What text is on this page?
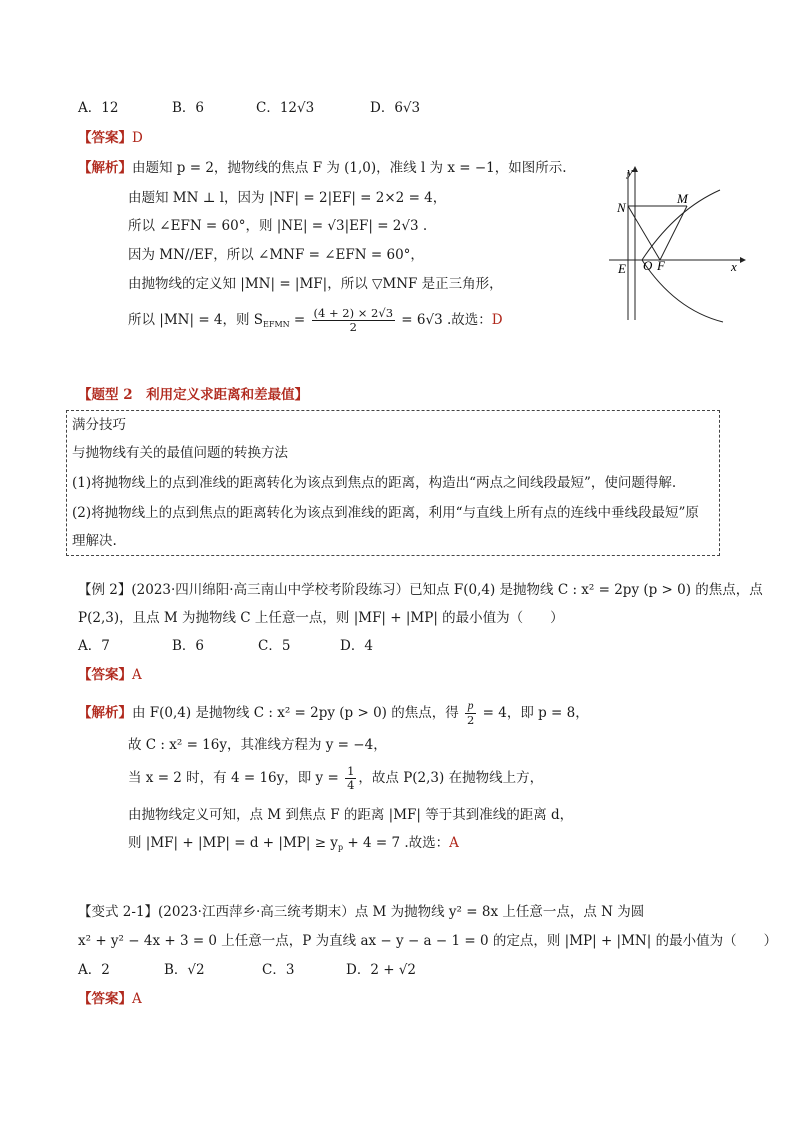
A．12	B．6	C．12√3	D．6√3
【答案】D
【解析】由题知 p = 2，抛物线的焦点 F 为 (1,0)，准线 l 为 x = −1，如图所示.
由题知 MN ⊥ l，因为 |NF| = 2|EF| = 2×2 = 4，
所以 ∠EFN = 60°，则 |NE| = √3|EF| = 2√3 .
因为 MN//EF，所以 ∠MNF = ∠EFN = 60°，
由抛物线的定义知 |MN| = |MF|，所以 ▽MNF 是正三角形，
所以 |MN| = 4，则 $S_{EFMN} = \frac{(4 + 2) \times 2√3}{2} = 6√3$ .故选：D
y
M
N
E O F	x
【题型 2　利用定义求距离和差最值】
满分技巧
与抛物线有关的最值问题的转换方法
(1)将抛物线上的点到准线的距离转化为该点到焦点的距离，构造出“两点之间线段最短”，使问题得解.
(2)将抛物线上的点到焦点的距离转化为该点到准线的距离，利用“与直线上所有点的连线中垂线段最短”原
理解决.
【例 2】(2023·四川绵阳·高三南山中学校考阶段练习）已知点 F(0,4) 是抛物线 C : x² = 2py (p > 0) 的焦点，点
P(2,3)，且点 M 为抛物线 C 上任意一点，则 |MF| + |MP| 的最小值为（　　）
A．7	B．6	C．5	D．4
【答案】A
【解析】由 F(0,4) 是抛物线 C : x² = 2py (p > 0) 的焦点，得 $\frac{p}{2} = 4$，即 p = 8，
故 C : x² = 16y，其准线方程为 y = −4，
当 x = 2 时，有 4 = 16y，即 $y = \frac{1}{4}$ ，故点 P(2,3) 在抛物线上方，
由抛物线定义可知，点 M 到焦点 F 的距离 |MF| 等于其到准线的距离 d，
则 $|MF| + |MP| = d + |MP| \ge y_p + 4 = 7$ .故选：A
【变式 2-1】(2023·江西萍乡·高三统考期末）点 M 为抛物线 y² = 8x 上任意一点，点 N 为圆
x² + y² − 4x + 3 = 0 上任意一点，P 为直线 ax − y − a − 1 = 0 的定点，则 |MP| + |MN| 的最小值为（　　）
A．2	B．√2	C．3	D．2 + √2
【答案】A
